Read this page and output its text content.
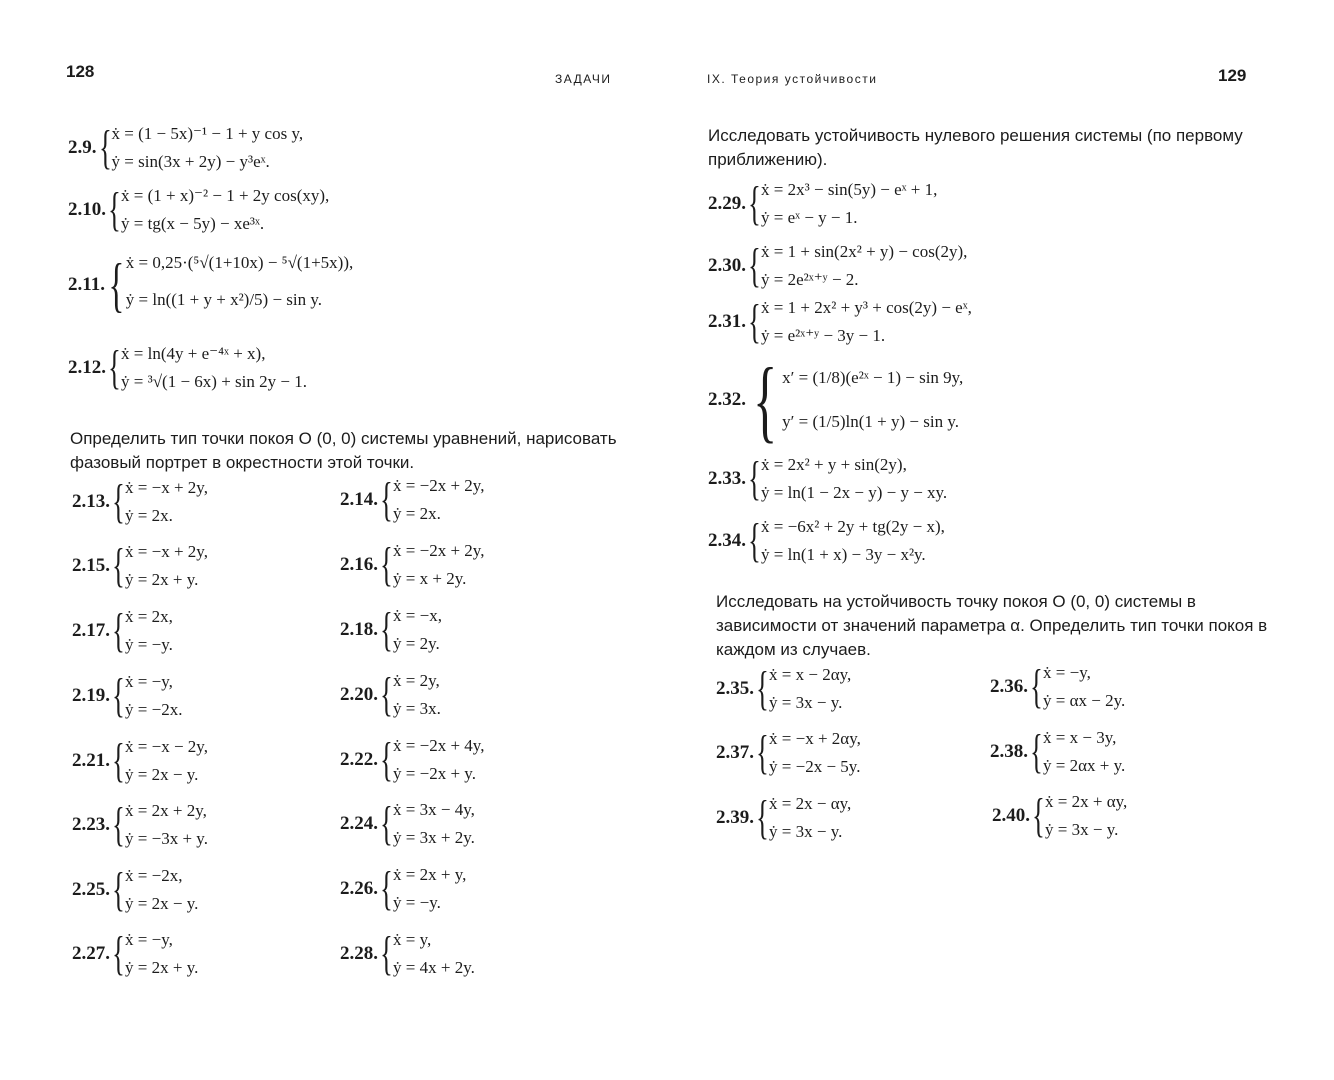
128	ЗАДАЧИ
2.9. { ẋ = (1 − 5x)⁻¹ − 1 + y cos y,
ẏ = sin(3x + 2y) − y³eˣ.
2.10. { ẋ = (1 + x)⁻² − 1 + 2y cos(xy),
ẏ = tg(x − 5y) − xe³ˣ.
2.11. { ẋ = 0,25·(⁵√(1+10x) − ⁵√(1+5x)),
ẏ = ln((1 + y + x²)/5) − sin y.
2.12. { ẋ = ln(4y + e⁻⁴ˣ + x),
ẏ = ³√(1 − 6x) + sin 2y − 1.
Определить тип точки покоя O (0, 0) системы уравнений, нарисовать фазовый портрет в окрестности этой точки.
2.13. { ẋ = −x + 2y,
ẏ = 2x.
2.14. { ẋ = −2x + 2y,
ẏ = 2x.
2.15. { ẋ = −x + 2y,
ẏ = 2x + y.
2.16. { ẋ = −2x + 2y,
ẏ = x + 2y.
2.17. { ẋ = 2x,
ẏ = −y.
2.18. { ẋ = −x,
ẏ = 2y.
2.19. { ẋ = −y,
ẏ = −2x.
2.20. { ẋ = 2y,
ẏ = 3x.
2.21. { ẋ = −x − 2y,
ẏ = 2x − y.
2.22. { ẋ = −2x + 4y,
ẏ = −2x + y.
2.23. { ẋ = 2x + 2y,
ẏ = −3x + y.
2.24. { ẋ = 3x − 4y,
ẏ = 3x + 2y.
2.25. { ẋ = −2x,
ẏ = 2x − y.
2.26. { ẋ = 2x + y,
ẏ = −y.
2.27. { ẋ = −y,
ẏ = 2x + y.
2.28. { ẋ = y,
ẏ = 4x + 2y.
IX. Теория устойчивости	129
Исследовать устойчивость нулевого решения системы (по первому приближению).
2.29. { ẋ = 2x³ − sin(5y) − eˣ + 1,
ẏ = eˣ − y − 1.
2.30. { ẋ = 1 + sin(2x² + y) − cos(2y),
ẏ = 2e²ˣ⁺ʸ − 2.
2.31. { ẋ = 1 + 2x² + y³ + cos(2y) − eˣ,
ẏ = e²ˣ⁺ʸ − 3y − 1.
2.32. { x′ = (1/8)(e²ˣ − 1) − sin 9y,
y′ = (1/5)ln(1 + y) − sin y.
2.33. { ẋ = 2x² + y + sin(2y),
ẏ = ln(1 − 2x − y) − y − xy.
2.34. { ẋ = −6x² + 2y + tg(2y − x),
ẏ = ln(1 + x) − 3y − x²y.
Исследовать на устойчивость точку покоя O (0, 0) системы в зависимости от значений параметра α. Определить тип точки покоя в каждом из случаев.
2.35. { ẋ = x − 2αy,
ẏ = 3x − y.
2.36. { ẋ = −y,
ẏ = αx − 2y.
2.37. { ẋ = −x + 2αy,
ẏ = −2x − 5y.
2.38. { ẋ = x − 3y,
ẏ = 2αx + y.
2.39. { ẋ = 2x − αy,
ẏ = 3x − y.
2.40. { ẋ = 2x + αy,
ẏ = 3x − y.
